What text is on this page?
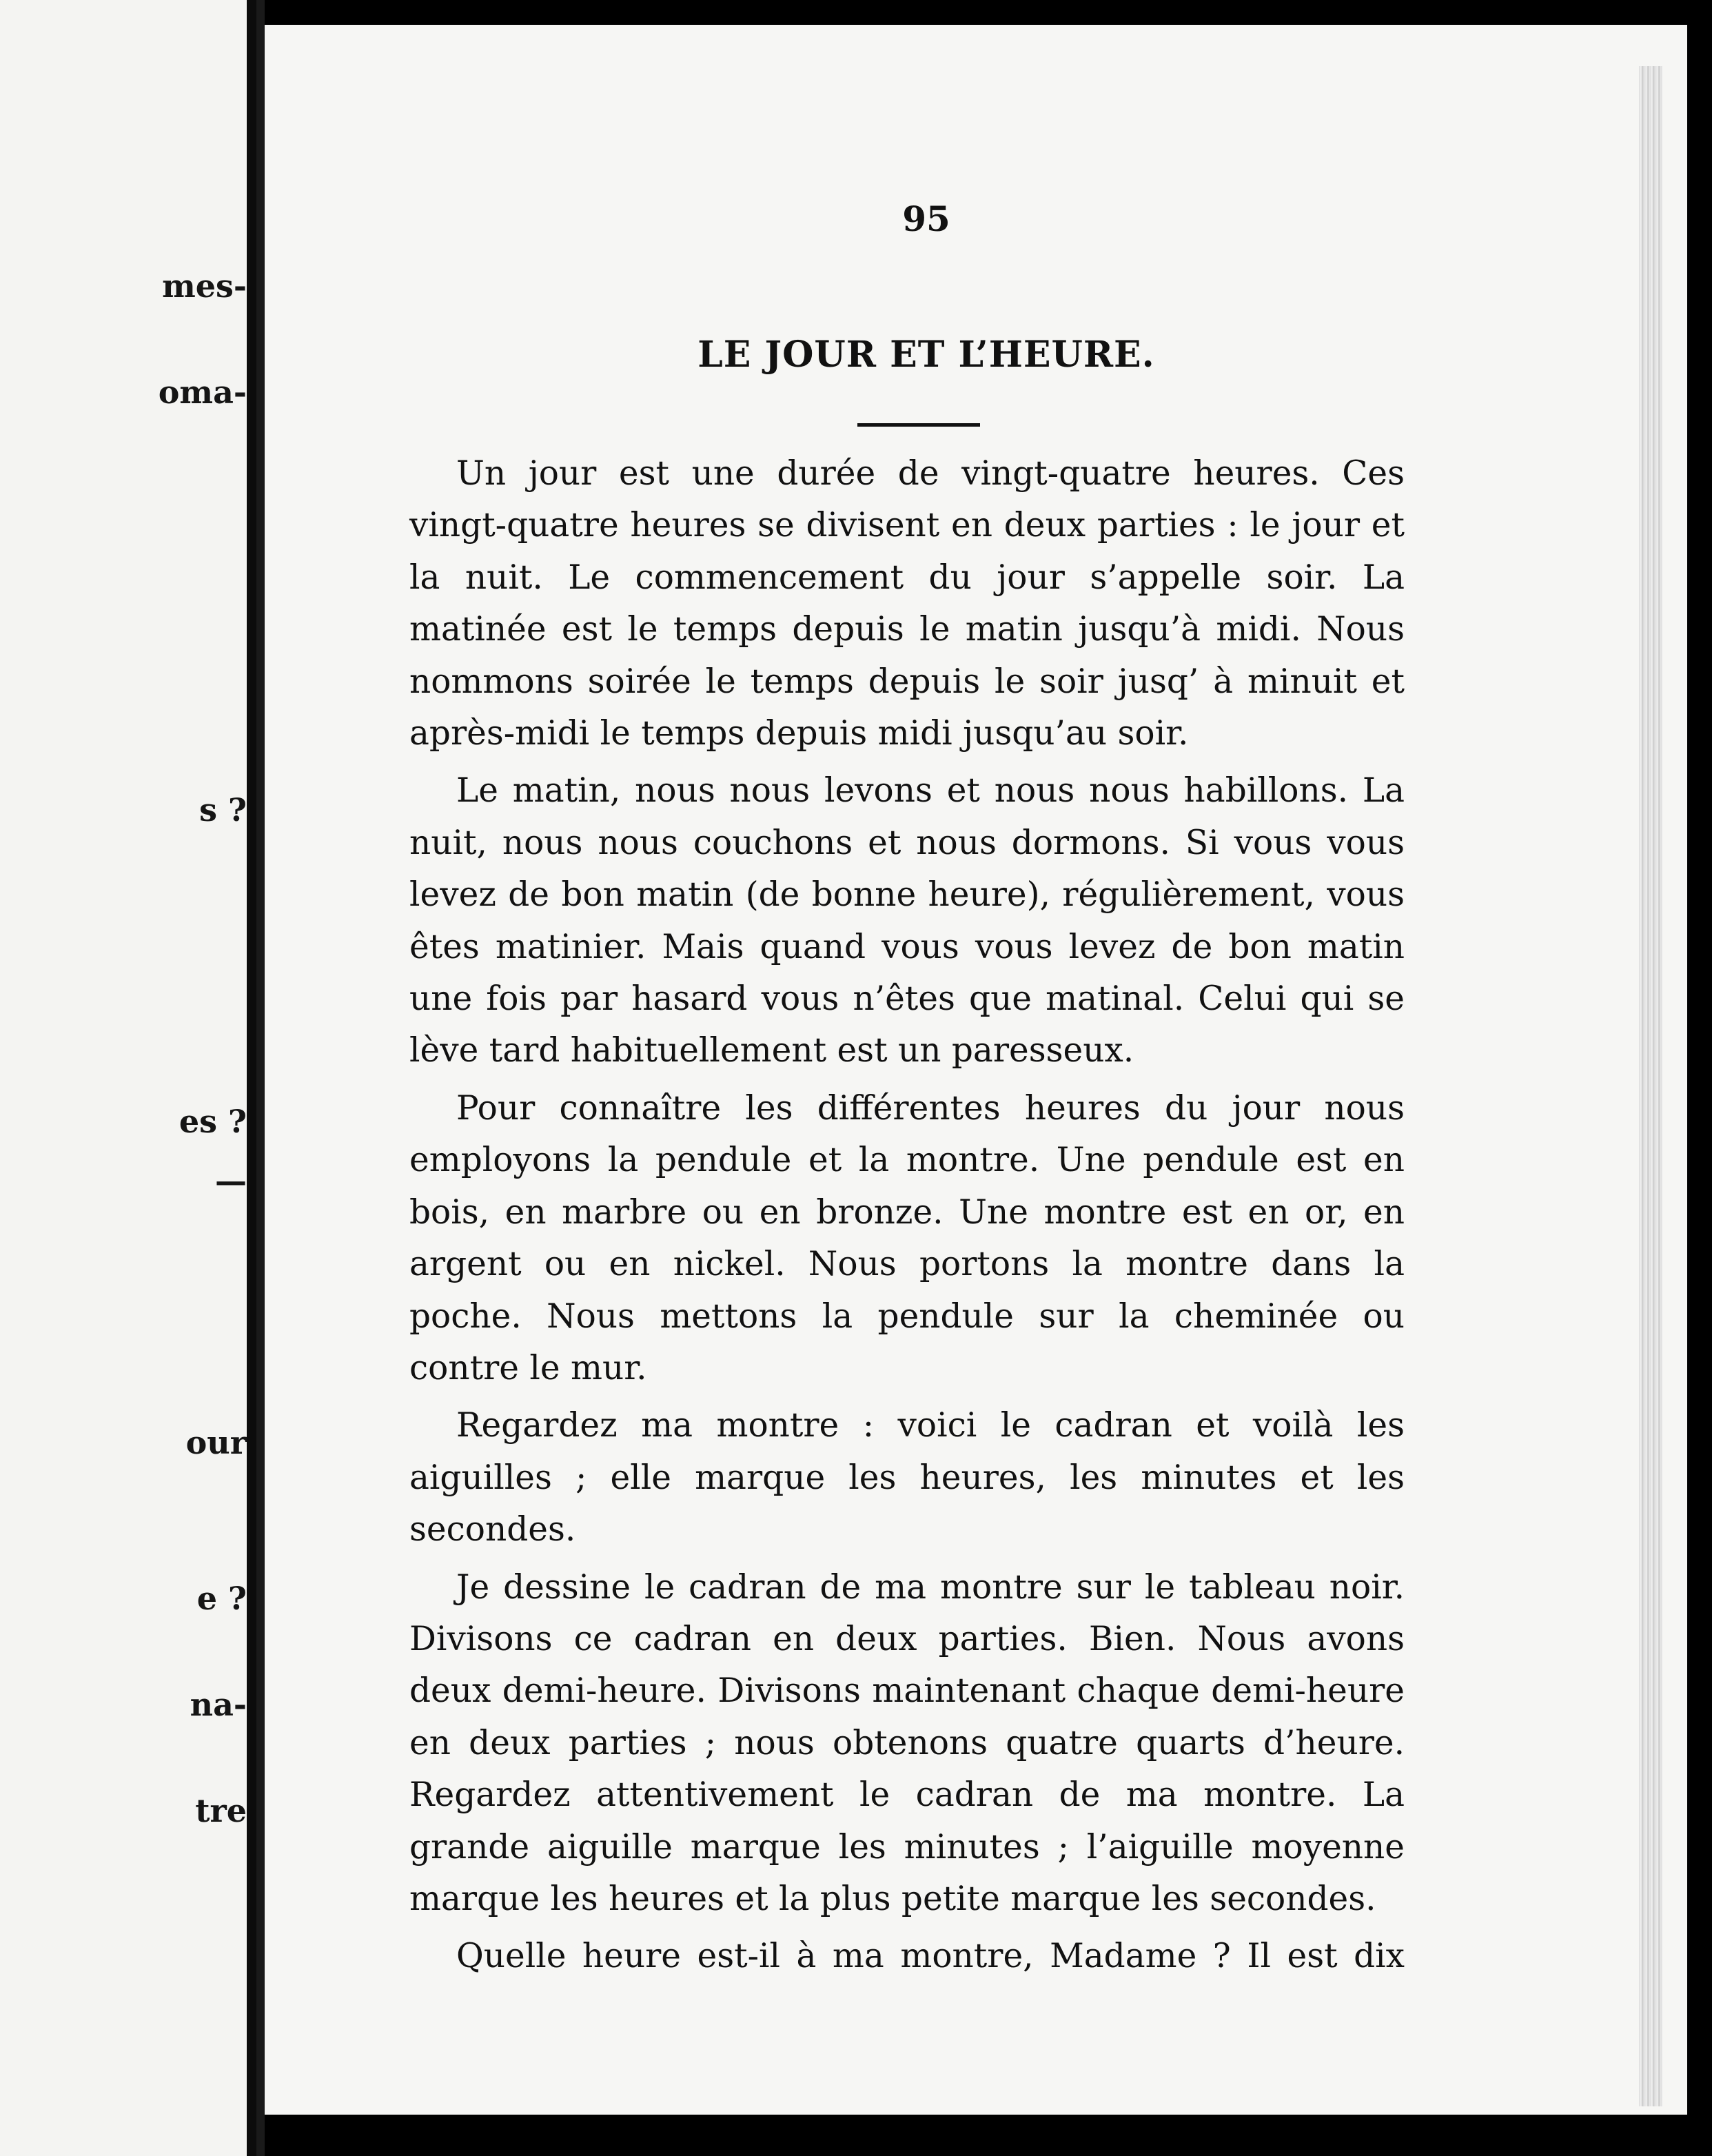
mes-
oma-
s ?
es ?
—
our
e ?
na-
tre
95
LE JOUR ET L’HEURE.

Un jour est une durée de vingt-quatre heures. Ces vingt-quatre heures se divisent en deux parties : le jour et la nuit. Le commencement du jour s’appelle soir. La matinée est le temps depuis le matin jusqu’à midi. Nous nommons soirée le temps depuis le soir jusq’ à minuit et après-midi le temps depuis midi jusqu’au soir.

Le matin, nous nous levons et nous nous habillons. La nuit, nous nous couchons et nous dormons. Si vous vous levez de bon matin (de bonne heure), régulièrement, vous êtes matinier. Mais quand vous vous levez de bon matin une fois par hasard vous n’êtes que matinal. Celui qui se lève tard habituellement est un paresseux.

Pour connaître les différentes heures du jour nous employons la pendule et la montre. Une pendule est en bois, en marbre ou en bronze. Une montre est en or, en argent ou en nickel. Nous portons la montre dans la poche. Nous mettons la pendule sur la cheminée ou contre le mur.

Regardez ma montre : voici le cadran et voilà les aiguilles ; elle marque les heures, les minutes et les secondes.

Je dessine le cadran de ma montre sur le tableau noir. Divisons ce cadran en deux parties. Bien. Nous avons deux demi-heure. Divisons maintenant chaque demi-heure en deux parties ; nous obtenons quatre quarts d’heure. Regardez attentivement le cadran de ma montre. La grande aiguille marque les minutes ; l’aiguille moyenne marque les heures et la plus petite marque les secondes.

Quelle heure est-il à ma montre, Madame ? Il est dix
